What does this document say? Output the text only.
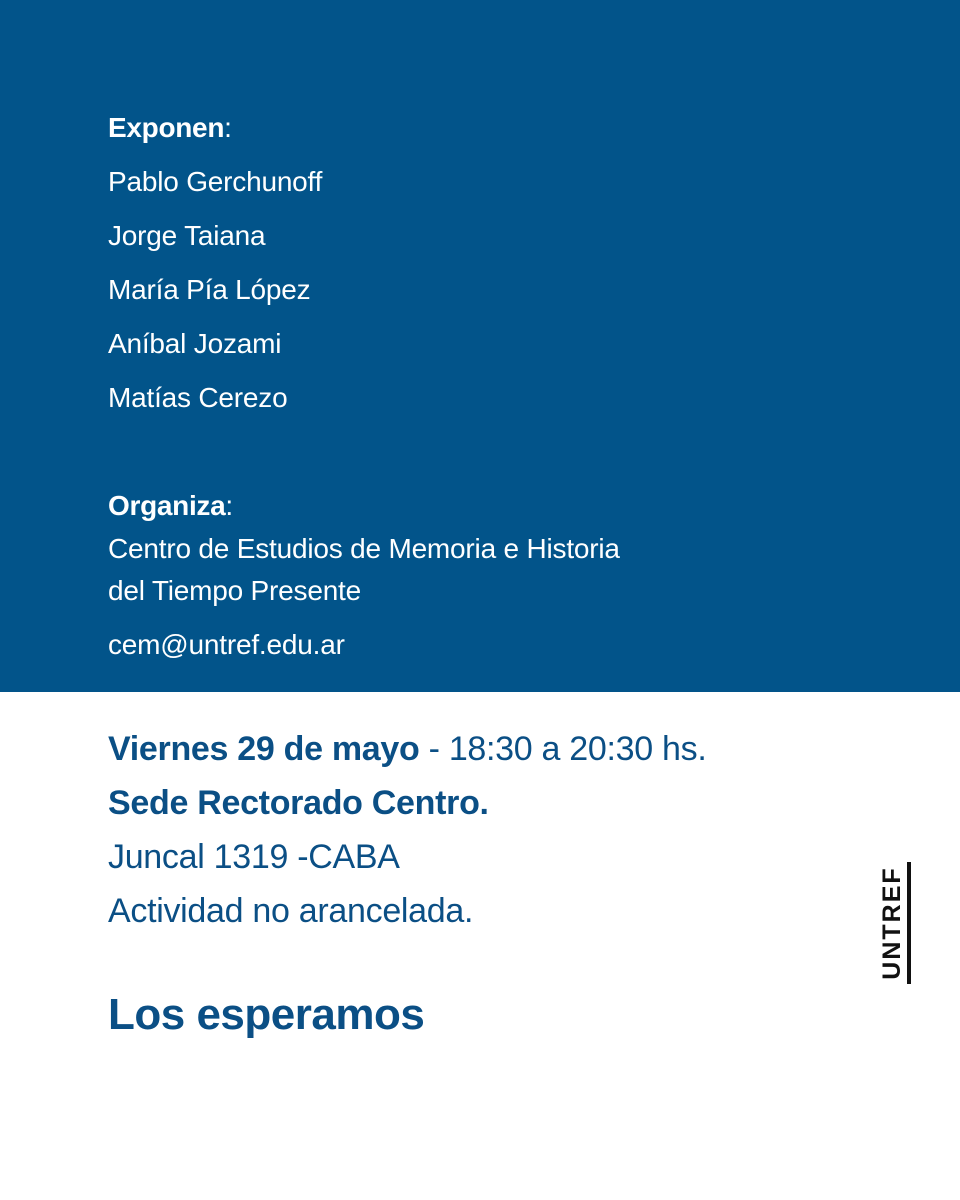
Exponen:
Pablo Gerchunoff
Jorge Taiana
María Pía López
Aníbal Jozami
Matías Cerezo
Organiza:
Centro de Estudios de Memoria e Historia
del Tiempo Presente
cem@untref.edu.ar
Viernes 29 de mayo - 18:30 a 20:30 hs.
Sede Rectorado Centro.
Juncal 1319 -CABA
Actividad no arancelada.
Los esperamos
UNTREF
